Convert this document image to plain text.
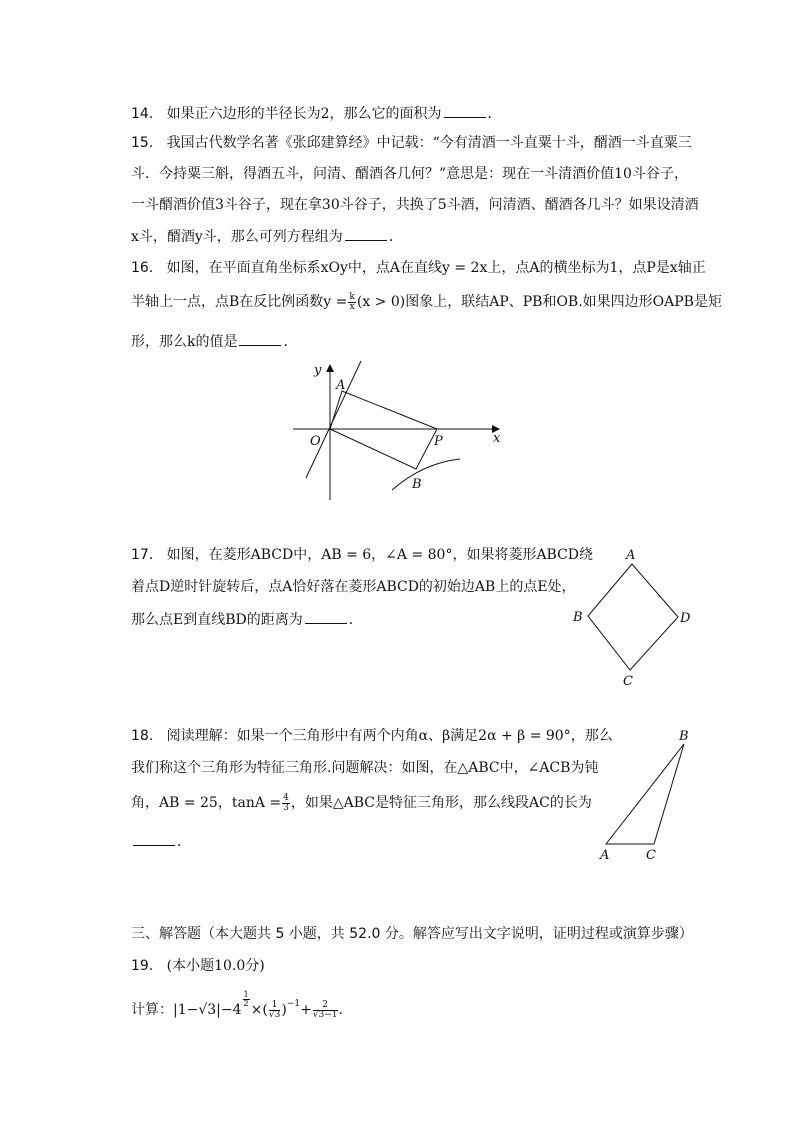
14. 如果正六边形的半径长为2，那么它的面积为	．
15. 我国古代数学名著《张邱建算经》中记载：“今有清酒一斗直粟十斗，醑酒一斗直粟三
斗．今持粟三斛，得酒五斗，问清、醑酒各几何？”意思是：现在一斗清酒价值10斗谷子，
一斗醑酒价值3斗谷子，现在拿30斗谷子，共换了5斗酒，问清酒、醑酒各几斗？如果设清酒
x斗，醑酒y斗，那么可列方程组为	．
16. 如图，在平面直角坐标系xOy中，点A在直线y = 2x上，点A的横坐标为1，点P是x轴正
半轴上一点，点B在反比例函数$y = \frac{k}{x} (x > 0)$图象上，联结AP、PB和OB.如果四边形OAPB是矩
形，那么k的值是	．
y
x
O
A
P
B
17. 如图，在菱形ABCD中，AB = 6，∠A = 80°，如果将菱形ABCD绕
着点D逆时针旋转后，点A恰好落在菱形ABCD的初始边AB上的点E处，
那么点E到直线BD的距离为	．
A
B
C
D
18. 阅读理解：如果一个三角形中有两个内角α、β满足2α + β = 90°，那么
我们称这个三角形为特征三角形.问题解决：如图，在△ABC中，∠ACB为钝
角，AB = 25，$\tan A = \frac{4}{3}$ ，如果△ABC是特征三角形，那么线段AC的长为
．
B
A	C
三、解答题（本大题共 5 小题，共 52.0 分。解答应写出文字说明，证明过程或演算步骤）
19. (本小题10.0分)
计算：|1−√3|−4
$\frac{1}{2}$
×( $\frac{1}{√3} )^{-1}+ \frac{2}{√3-1}$ .
